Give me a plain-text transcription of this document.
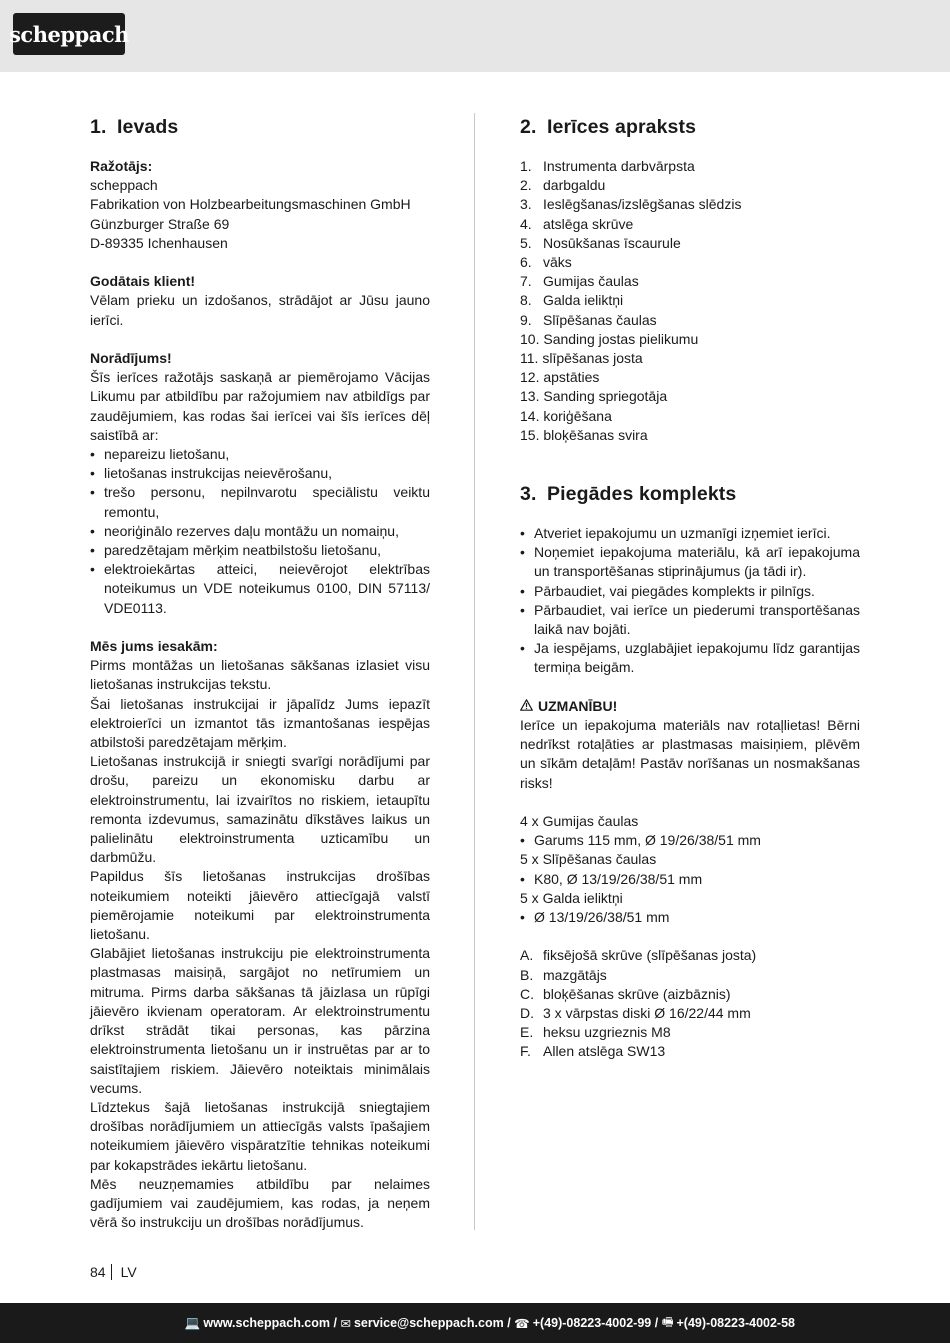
scheppach
1. Ievads

Ražotājs:

scheppach

Fabrikation von Holzbearbeitungsmaschinen GmbH

Günzburger Straße 69

D-89335 Ichenhausen

Godātais klient!

Vēlam prieku un izdošanos, strādājot ar Jūsu jauno ierīci.

Norādījums!

Šīs ierīces ražotājs saskaņā ar piemērojamo Vācijas Likumu par atbildību par ražojumiem nav atbildīgs par zaudējumiem, kas rodas šai ierīcei vai šīs ierīces dēļ saistībā ar:

• nepareizu lietošanu,
• lietošanas instrukcijas neievērošanu,
• trešo personu, nepilnvarotu speciālistu veiktu remontu,
• neoriģinālo rezerves daļu montāžu un nomaiņu,
• paredzētajam mērķim neatbilstošu lietošanu,
• elektroiekārtas atteici, neievērojot elektrības noteikumus un VDE noteikumus 0100, DIN 57113/ VDE0113.

Mēs jums iesakām:

Pirms montāžas un lietošanas sākšanas izlasiet visu lietošanas instrukcijas tekstu.

Šai lietošanas instrukcijai ir jāpalīdz Jums iepazīt elektroierīci un izmantot tās izmantošanas iespējas atbilstoši paredzētajam mērķim.

Lietošanas instrukcijā ir sniegti svarīgi norādījumi par drošu, pareizu un ekonomisku darbu ar elektroinstrumentu, lai izvairītos no riskiem, ietaupītu remonta izdevumus, samazinātu dīkstāves laikus un palielinātu elektroinstrumenta uzticamību un darbmūžu.

Papildus šīs lietošanas instrukcijas drošības noteikumiem noteikti jāievēro attiecīgajā valstī piemērojamie noteikumi par elektroinstrumenta lietošanu.

Glabājiet lietošanas instrukciju pie elektroinstrumenta plastmasas maisiņā, sargājot no netīrumiem un mitruma. Pirms darba sākšanas tā jāizlasa un rūpīgi jāievēro ikvienam operatoram. Ar elektroinstrumentu drīkst strādāt tikai personas, kas pārzina elektroinstrumenta lietošanu un ir instruētas par ar to saistītajiem riskiem. Jāievēro noteiktais minimālais vecums.

Līdztekus šajā lietošanas instrukcijā sniegtajiem drošības norādījumiem un attiecīgās valsts īpašajiem noteikumiem jāievēro vispāratzītie tehnikas noteikumi par kokapstrādes iekārtu lietošanu.

Mēs neuzņemamies atbildību par nelaimes gadījumiem vai zaudējumiem, kas rodas, ja neņem vērā šo instrukciju un drošības norādījumus.

2. Ierīces apraksts
1. Instrumenta darbvārpsta
2. darbgaldu
3. Ieslēgšanas/izslēgšanas slēdzis
4. atslēga skrūve
5. Nosūkšanas īscaurule
6. vāks
7. Gumijas čaulas
8. Galda ieliktņi
9. Slīpēšanas čaulas
10.
Sanding jostas pielikumu
11.
slīpēšanas josta
12.
apstāties
13.
Sanding spriegotāja
14.
koriģēšana
15.
bloķēšanas svira
3. Piegādes komplekts
• Atveriet iepakojumu un uzmanīgi izņemiet ierīci.
• Noņemiet iepakojuma materiālu, kā arī iepakojuma un transportēšanas stiprinājumus (ja tādi ir).
• Pārbaudiet, vai piegādes komplekts ir pilnīgs.
• Pārbaudiet, vai ierīce un piederumi transportēšanas laikā nav bojāti.
• Ja iespējams, uzglabājiet iepakojumu līdz garantijas termiņa beigām.

UZMANĪBU!

Ierīce un iepakojuma materiāls nav rotaļlietas! Bērni nedrīkst rotaļāties ar plastmasas maisiņiem, plēvēm un sīkām detaļām! Pastāv norīšanas un nosmakšanas risks!

4 x Gumijas čaulas

• Garums 115 mm, Ø 19/26/38/51 mm

5 x Slīpēšanas čaulas

• K80, Ø 13/19/26/38/51 mm

5 x Galda ieliktņi

• Ø 13/19/26/38/51 mm
A. fiksējošā skrūve (slīpēšanas josta)
B. mazgātājs
C. bloķēšanas skrūve (aizbāznis)
D. 3 x vārpstas diski Ø 16/22/44 mm
E. heksu uzgrieznis M8
F. Allen atslēga SW13
84 LV
💻 www.scheppach.com
/
✉ service@scheppach.com
/
☎ +(49)-08223-4002-99
/
🖷 +(49)-08223-4002-58
